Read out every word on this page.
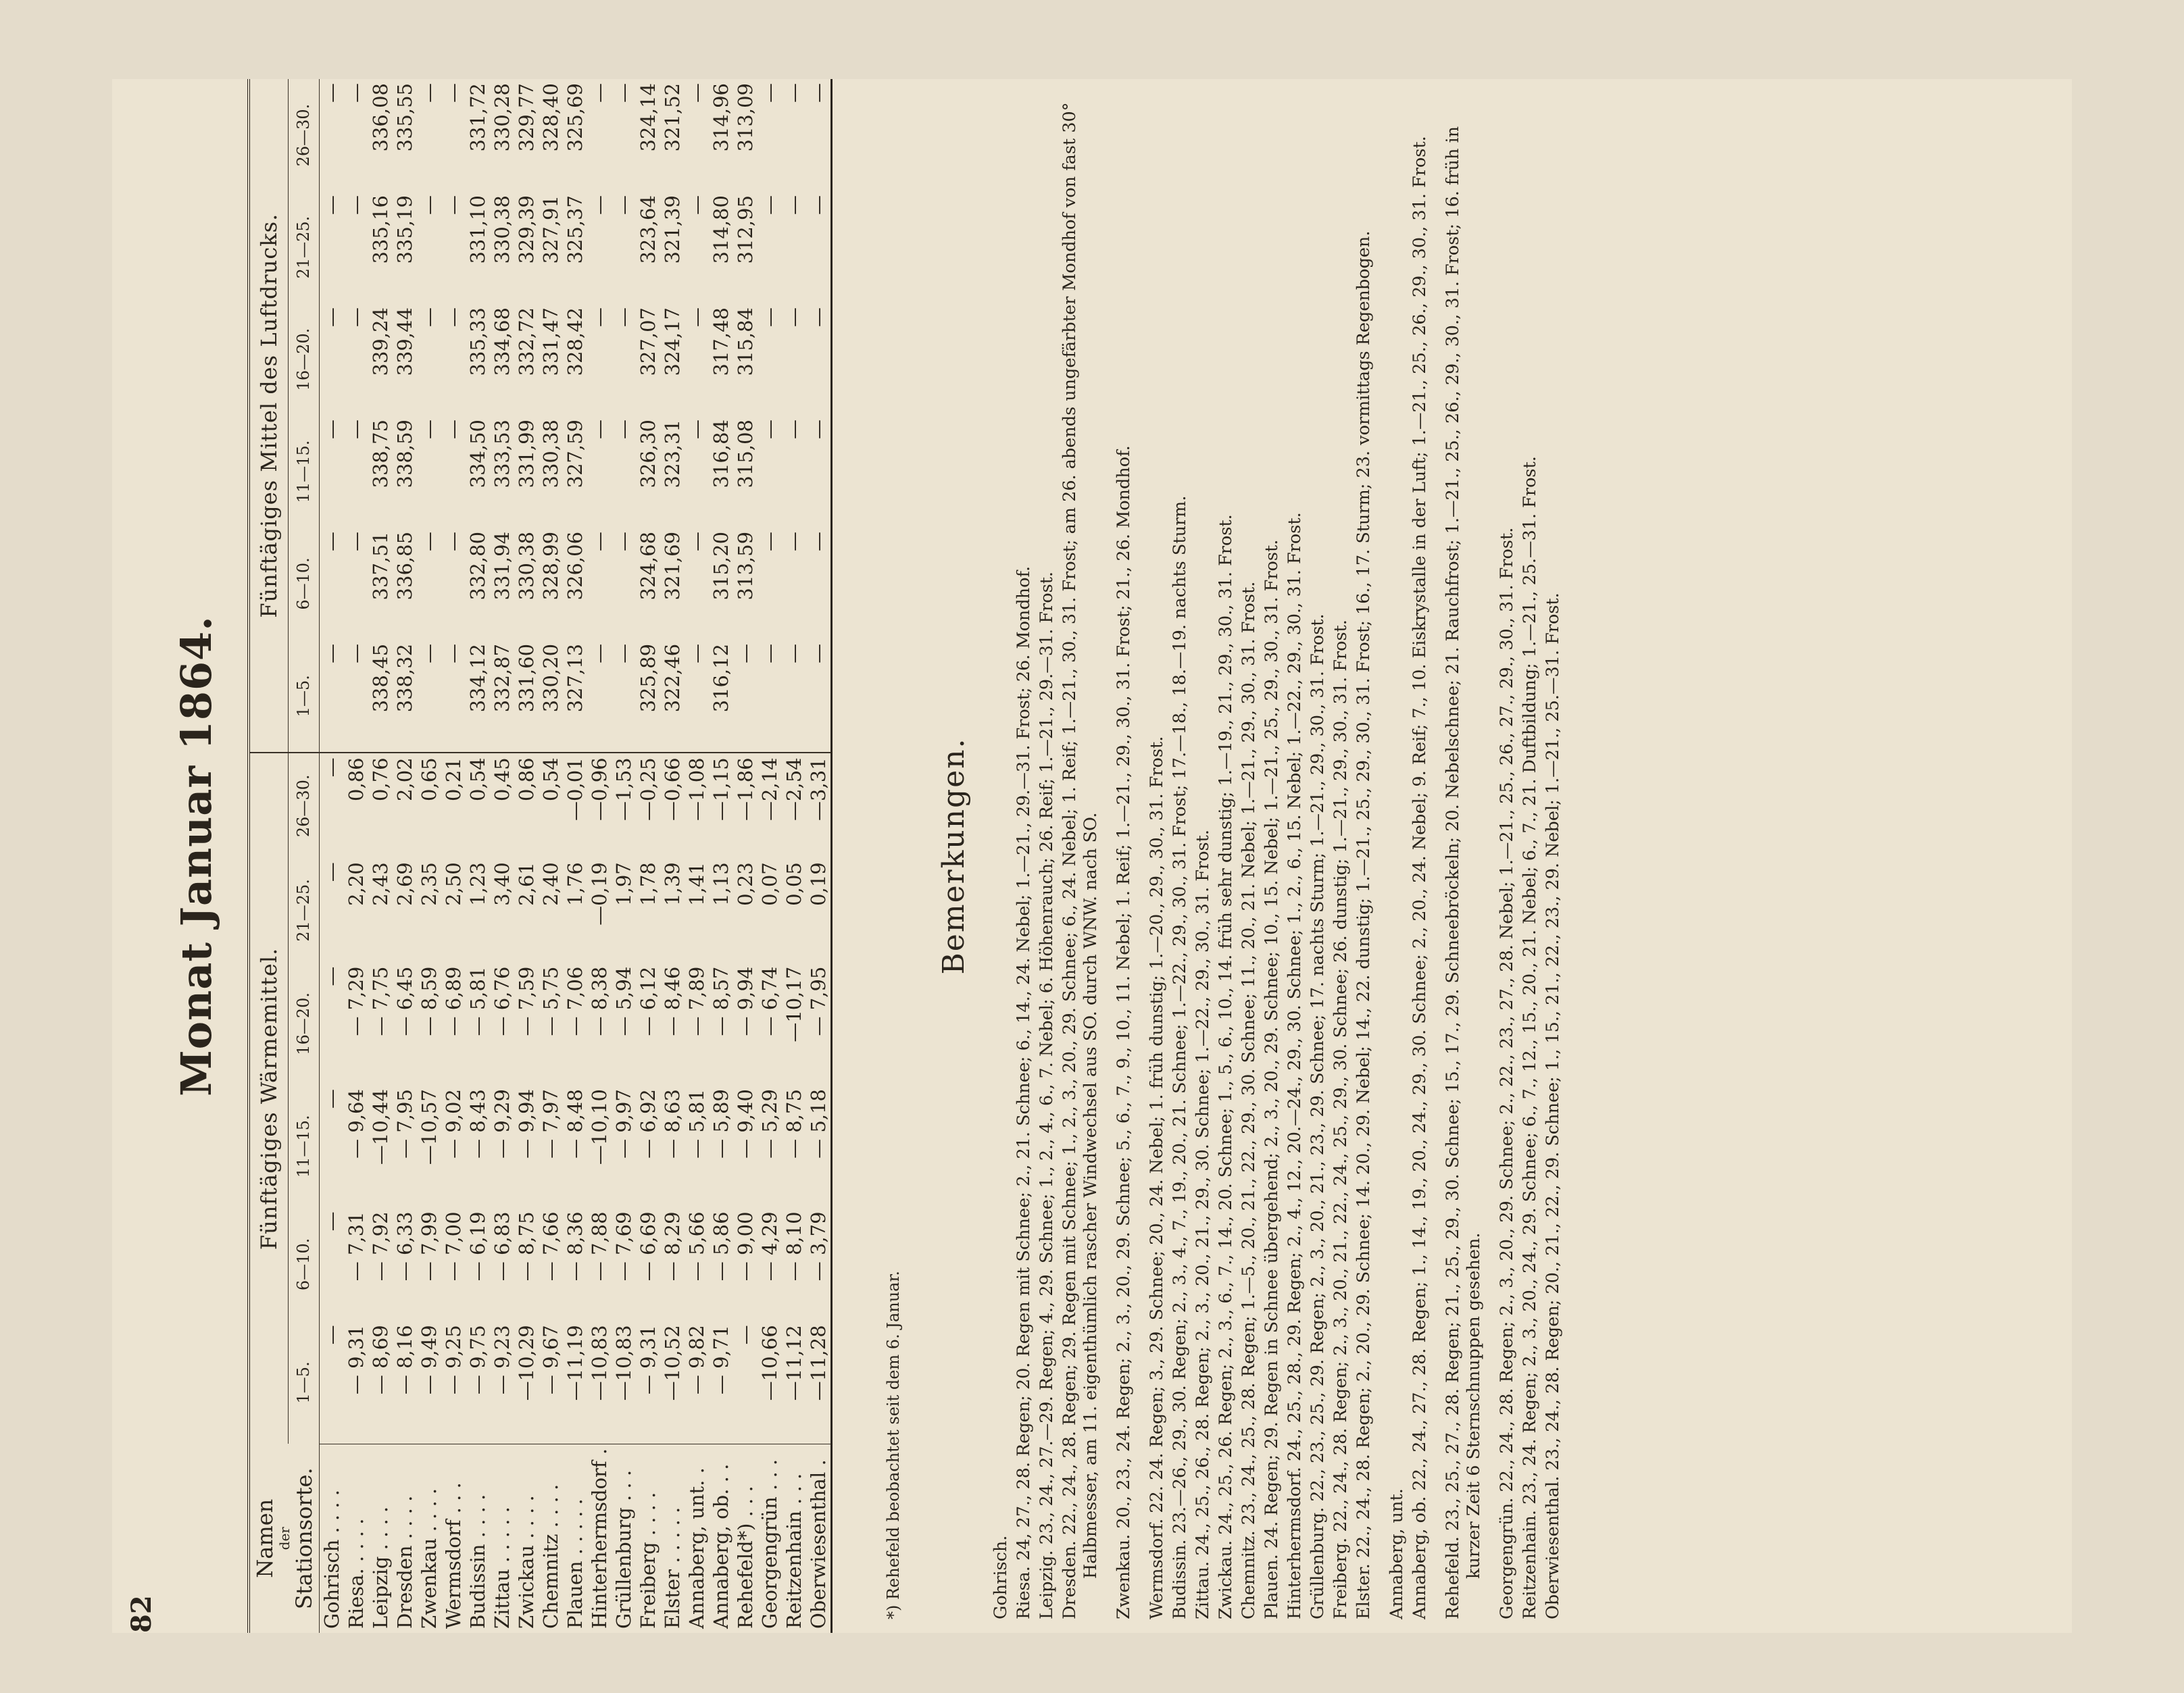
82
Monat Januar 1864.
Namen
der
Stationsorte.	Fünftägiges Wärmemittel.						Fünftägiges Mittel des Luftdrucks.					
	1—5.	6—10.	11—15.	16—20.	21—25.	26—30.	1—5.	6—10.	11—15.	16—20.	21—25.	26—30.
Gohrisch . . . .	—	—	—	—	—	—	—	—	—	—	—	—
Riesa. . . . .	— 9,31	— 7,31	— 9,64	— 7,29	2,20	0,86	—	—	—	—	—	—
Leipzig . . . .	— 8,69	— 7,92	—10,44	— 7,75	2,43	0,76	338,45	337,51	338,75	339,24	335,16	336,08
Dresden . . . .	— 8,16	— 6,33	— 7,95	— 6,45	2,69	2,02	338,32	336,85	338,59	339,44	335,19	335,55
Zwenkau . . . .	— 9,49	— 7,99	—10,57	— 8,59	2,35	0,65	—	—	—	—	—	—
Wermsdorf . . .	— 9,25	— 7,00	— 9,02	— 6,89	2,50	0,21	—	—	—	—	—	—
Budissin . . . .	— 9,75	— 6,19	— 8,43	— 5,81	1,23	0,54	334,12	332,80	334,50	335,33	331,10	331,72
Zittau . . . . .	— 9,23	— 6,83	— 9,29	— 6,76	3,40	0,45	332,87	331,94	333,53	334,68	330,38	330,28
Zwickau . . . .	—10,29	— 8,75	— 9,94	— 7,59	2,61	0,86	331,60	330,38	331,99	332,72	329,39	329,77
Chemnitz . . . .	— 9,67	— 7,66	— 7,97	— 5,75	2,40	0,54	330,20	328,99	330,38	331,47	327,91	328,40
Plauen . . . . .	—11,19	— 8,36	— 8,48	— 7,06	1,76	—0,01	327,13	326,06	327,59	328,42	325,37	325,69
Hinterhermsdorf .	—10,83	— 7,88	—10,10	— 8,38	—0,19	—0,96	—	—	—	—	—	—
Grüllenburg . . .	—10,83	— 7,69	— 9,97	— 5,94	1,97	—1,53	—	—	—	—	—	—
Freiberg . . . .	— 9,31	— 6,69	— 6,92	— 6,12	1,78	—0,25	325,89	324,68	326,30	327,07	323,64	324,14
Elster . . . . .	—10,52	— 8,29	— 8,63	— 8,46	1,39	—0,66	322,46	321,69	323,31	324,17	321,39	321,52
Annaberg, unt. .	— 9,82	— 5,66	— 5,81	— 7,89	1,41	—1,08	—	—	—	—	—	—
Annaberg, ob. . .	— 9,71	— 5,86	— 5,89	— 8,57	1,13	—1,15	316,12	315,20	316,84	317,48	314,80	314,96
Rehefeld*) . . .	—	— 9,00	— 9,40	— 9,94	0,23	—1,86	—	313,59	315,08	315,84	312,95	313,09
Georgengrün . . .	—10,66	— 4,29	— 5,29	— 6,74	0,07	—2,14	—	—	—	—	—	—
Reitzenhain . . .	—11,12	— 8,10	— 8,75	—10,17	0,05	—2,54	—	—	—	—	—	—
Oberwiesenthal .	—11,28	— 3,79	— 5,18	— 7,95	0,19	—3,31	—	—	—	—	—	—
*) Rehefeld beobachtet seit dem 6. Januar.
Bemerkungen.

Gohrisch. Riesa. 24, 27., 28. Regen; 20. Regen mit Schnee; 2., 21. Schnee; 6., 14., 24. Nebel; 1.—21., 29.—31. Frost; 26. Mondhof. Leipzig. 23., 24., 27.—29. Regen; 4., 29. Schnee; 1., 2., 4., 6., 7. Nebel; 6. Höhenrauch; 26. Reif; 1.—21., 29.—31. Frost. Dresden. 22., 24., 28. Regen; 29. Regen mit Schnee; 1., 2., 3., 20., 29. Schnee; 6., 24. Nebel; 1. Reif; 1.—21., 30., 31. Frost; am 26. abends ungefärbter Mondhof von fast 30° Halbmesser, am 11. eigenthümlich rascher Windwechsel aus SO. durch WNW. nach SO. Zwenkau. 20., 23., 24. Regen; 2., 3., 20., 29. Schnee; 5., 6., 7., 9., 10., 11. Nebel; 1. Reif; 1.—21., 29., 30., 31. Frost; 21., 26. Mondhof. Wermsdorf. 22. 24. Regen; 3., 29. Schnee; 20., 24. Nebel; 1. früh dunstig; 1.—20., 29., 30., 31. Frost. Budissin. 23.—26., 29., 30. Regen; 2., 3., 4., 7., 19., 20., 21. Schnee; 1.—22., 29., 30., 31. Frost; 17.—18., 18.—19. nachts Sturm. Zittau. 24., 25., 26., 28. Regen; 2., 3., 20., 21., 29., 30. Schnee; 1.—22., 29., 30., 31. Frost. Zwickau. 24., 25., 26. Regen; 2., 3., 6., 7., 14., 20. Schnee; 1., 5., 6., 10., 14. früh sehr dunstig; 1.—19., 21., 29., 30., 31. Frost. Chemnitz. 23., 24., 25., 28. Regen; 1.—5., 20., 21., 22., 29., 30. Schnee; 11., 20., 21. Nebel; 1.—21., 29., 30., 31. Frost. Plauen. 24. Regen; 29. Regen in Schnee übergehend; 2., 3., 20., 29. Schnee; 10., 15. Nebel; 1.—21., 25., 29., 30., 31. Frost. Hinterhermsdorf. 24., 25., 28., 29. Regen; 2., 4., 12., 20.—24., 29., 30. Schnee; 1., 2., 6., 15. Nebel; 1.—22., 29., 30., 31. Frost. Grüllenburg. 22., 23., 25., 29. Regen; 2., 3., 20., 21., 23., 29. Schnee; 17. nachts Sturm; 1.—21., 29., 30., 31. Frost. Freiberg. 22., 24., 28. Regen; 2., 3., 20., 21., 22., 24., 25., 29., 30. Schnee; 26. dunstig; 1.—21., 29., 30., 31. Frost. Elster. 22., 24., 28. Regen; 2., 20., 29. Schnee; 14. 20., 29. Nebel; 14., 22. dunstig; 1.—21., 25., 29., 30., 31. Frost; 16., 17. Sturm; 23. vormittags Regenbogen. Annaberg, unt. Annaberg, ob. 22., 24., 27., 28. Regen; 1., 14., 19., 20., 24., 29., 30. Schnee; 2., 20., 24. Nebel; 9. Reif; 7., 10. Eiskrystalle in der Luft; 1.—21., 25., 26., 29., 30., 31. Frost. Rehefeld. 23., 25., 27., 28. Regen; 21., 25., 29., 30. Schnee; 15., 17., 29. Schneebröckeln; 20. Nebelschnee; 21. Rauchfrost; 1.—21., 25., 26., 29., 30., 31. Frost; 16. früh in kurzer Zeit 6 Sternschnuppen gesehen. Georgengrün. 22., 24., 28. Regen; 2., 3., 20., 29. Schnee; 2., 22., 23., 27., 28. Nebel; 1.—21., 25., 26., 27., 29., 30., 31. Frost. Reitzenhain. 23., 24. Regen; 2., 3., 20., 24., 29. Schnee; 6., 7., 12., 15., 20., 21. Nebel; 6., 7., 21. Duftbildung; 1.—21., 25.—31. Frost. Oberwiesenthal. 23., 24., 28. Regen; 20., 21., 22., 29. Schnee; 1., 15., 21., 22., 23., 29. Nebel; 1.—21., 25.—31. Frost.
